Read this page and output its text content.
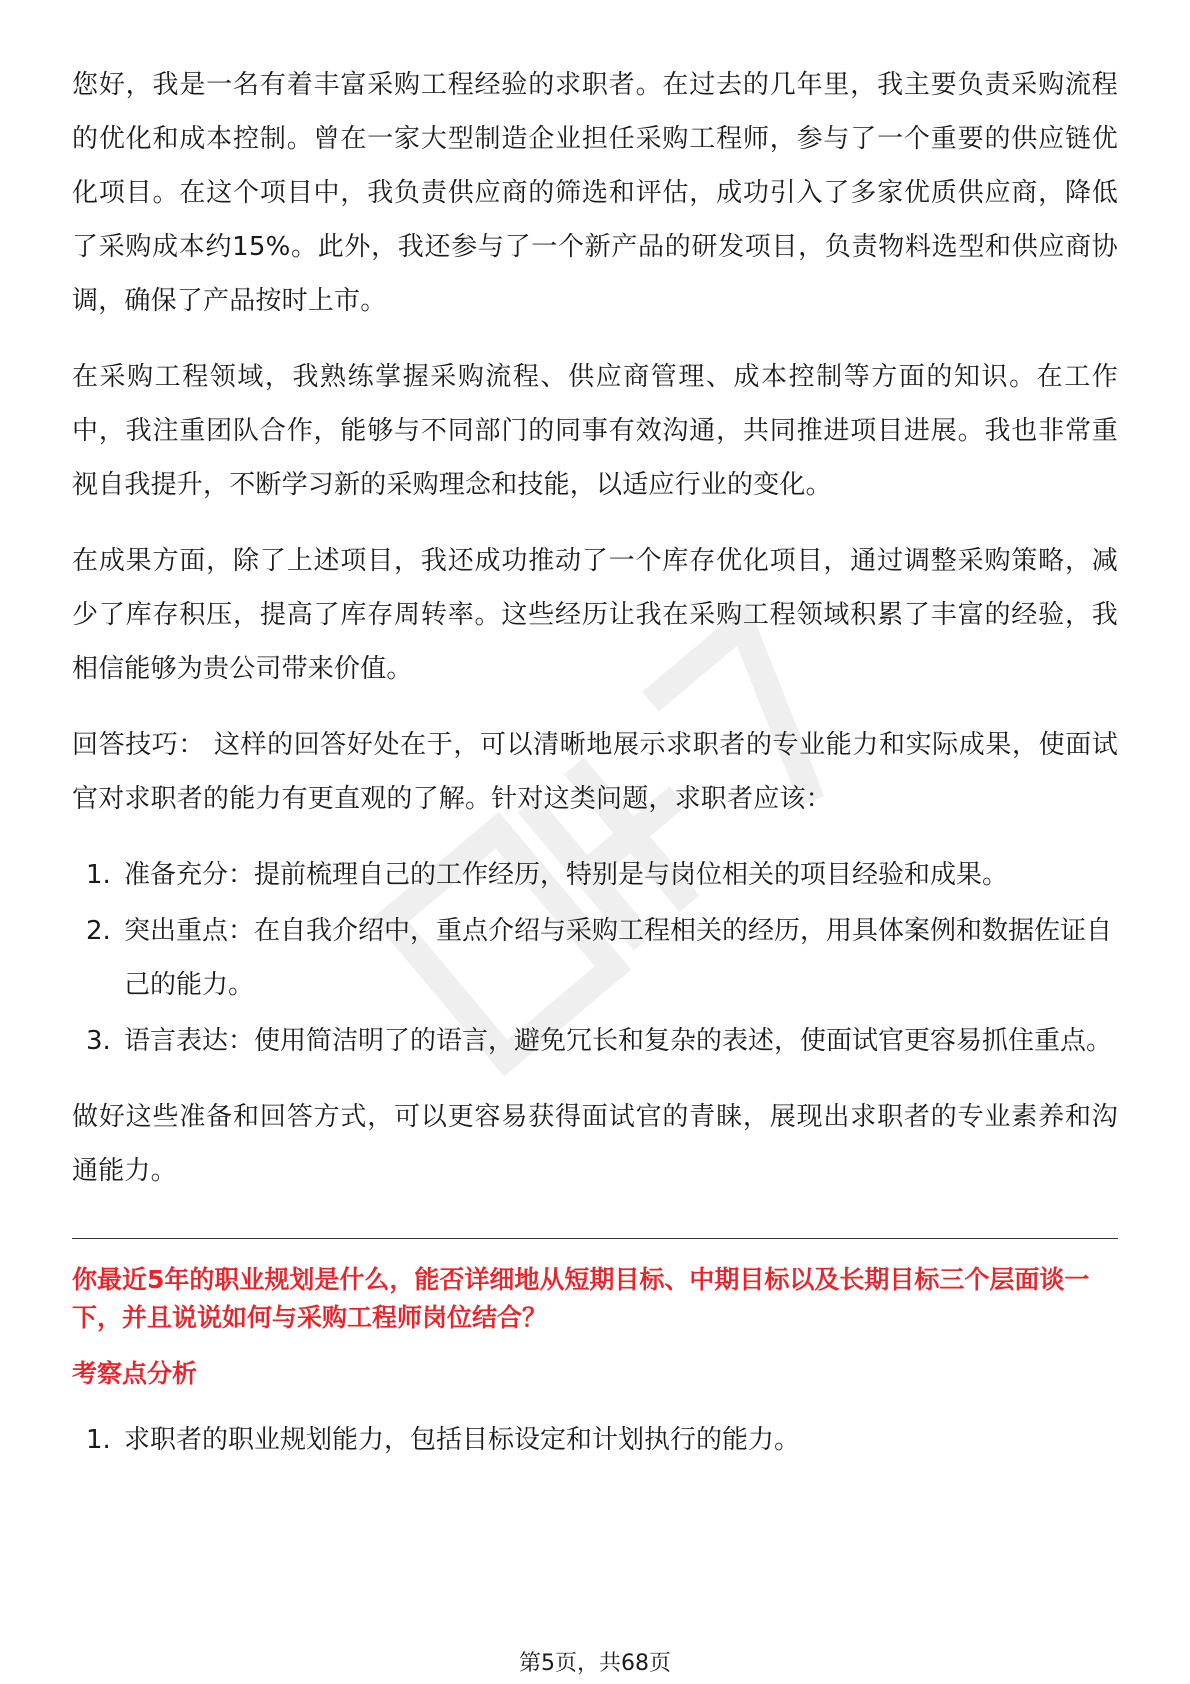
您好，我是一名有着丰富采购工程经验的求职者。在过去的几年里，我主要负责采购流程的优化和成本控制。曾在一家大型制造企业担任采购工程师，参与了一个重要的供应链优化项目。在这个项目中，我负责供应商的筛选和评估，成功引入了多家优质供应商，降低了采购成本约15%。此外，我还参与了一个新产品的研发项目，负责物料选型和供应商协调，确保了产品按时上市。

在采购工程领域，我熟练掌握采购流程、供应商管理、成本控制等方面的知识。在工作中，我注重团队合作，能够与不同部门的同事有效沟通，共同推进项目进展。我也非常重视自我提升，不断学习新的采购理念和技能，以适应行业的变化。

在成果方面，除了上述项目，我还成功推动了一个库存优化项目，通过调整采购策略，减少了库存积压，提高了库存周转率。这些经历让我在采购工程领域积累了丰富的经验，我相信能够为贵公司带来价值。

回答技巧： 这样的回答好处在于，可以清晰地展示求职者的专业能力和实际成果，使面试官对求职者的能力有更直观的了解。针对这类问题，求职者应该：

1. 准备充分：提前梳理自己的工作经历，特别是与岗位相关的项目经验和成果。
2. 突出重点：在自我介绍中，重点介绍与采购工程相关的经历，用具体案例和数据佐证自己的能力。
3. 语言表达：使用简洁明了的语言，避免冗长和复杂的表述，使面试官更容易抓住重点。

做好这些准备和回答方式，可以更容易获得面试官的青睐，展现出求职者的专业素养和沟通能力。

你最近5年的职业规划是什么，能否详细地从短期目标、中期目标以及长期目标三个层面谈一下，并且说说如何与采购工程师岗位结合？

考察点分析

1. 求职者的职业规划能力，包括目标设定和计划执行的能力。
第5页，共68页
